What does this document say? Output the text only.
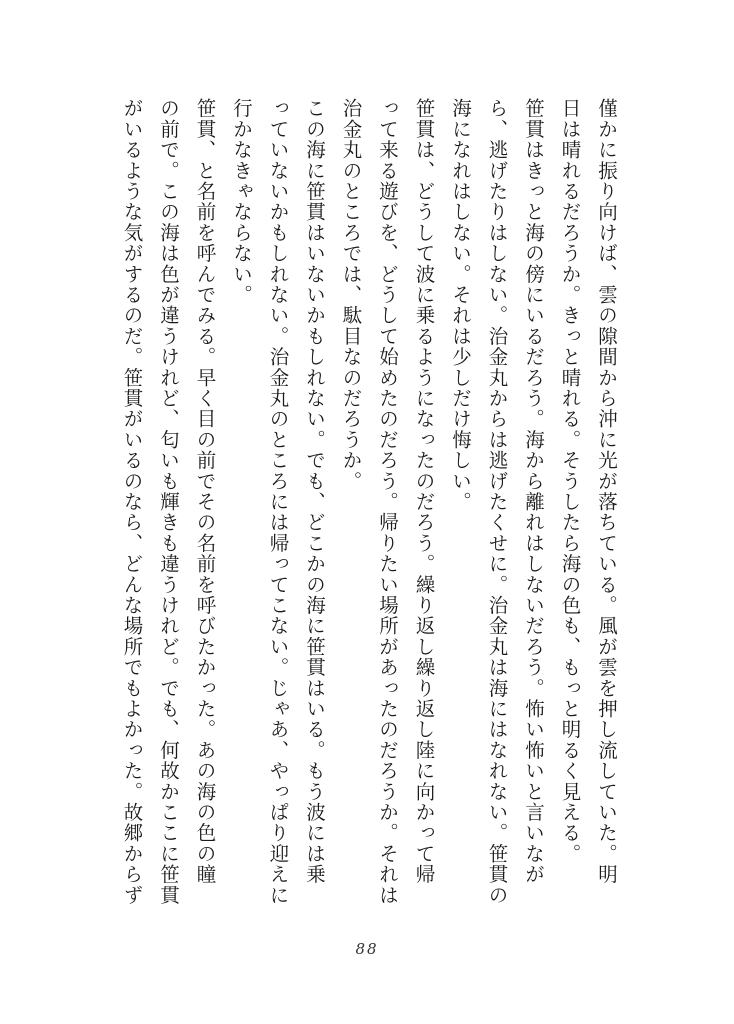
僅かに振り向けば、雲の隙間から沖に光が落ちている。風が雲を押し流していた。明
日は晴れるだろうか。きっと晴れる。そうしたら海の色も、もっと明るく見える。
笹貫はきっと海の傍にいるだろう。海から離れはしないだろう。怖い怖いと言いなが
ら、逃げたりはしない。治金丸からは逃げたくせに。治金丸は海にはなれない。笹貫の
海になれはしない。それは少しだけ悔しい。
笹貫は、どうして波に乗るようになったのだろう。繰り返し繰り返し陸に向かって帰
って来る遊びを、どうして始めたのだろう。帰りたい場所があったのだろうか。それは
治金丸のところでは、駄目なのだろうか。
この海に笹貫はいないかもしれない。でも、どこかの海に笹貫はいる。もう波には乗
っていないかもしれない。治金丸のところには帰ってこない。じゃあ、やっぱり迎えに
行かなきゃならない。
笹貫、と名前を呼んでみる。早く目の前でその名前を呼びたかった。あの海の色の瞳
の前で。この海は色が違うけれど、匂いも輝きも違うけれど。でも、何故かここに笹貫
がいるような気がするのだ。笹貫がいるのなら、どんな場所でもよかった。故郷からず
88
